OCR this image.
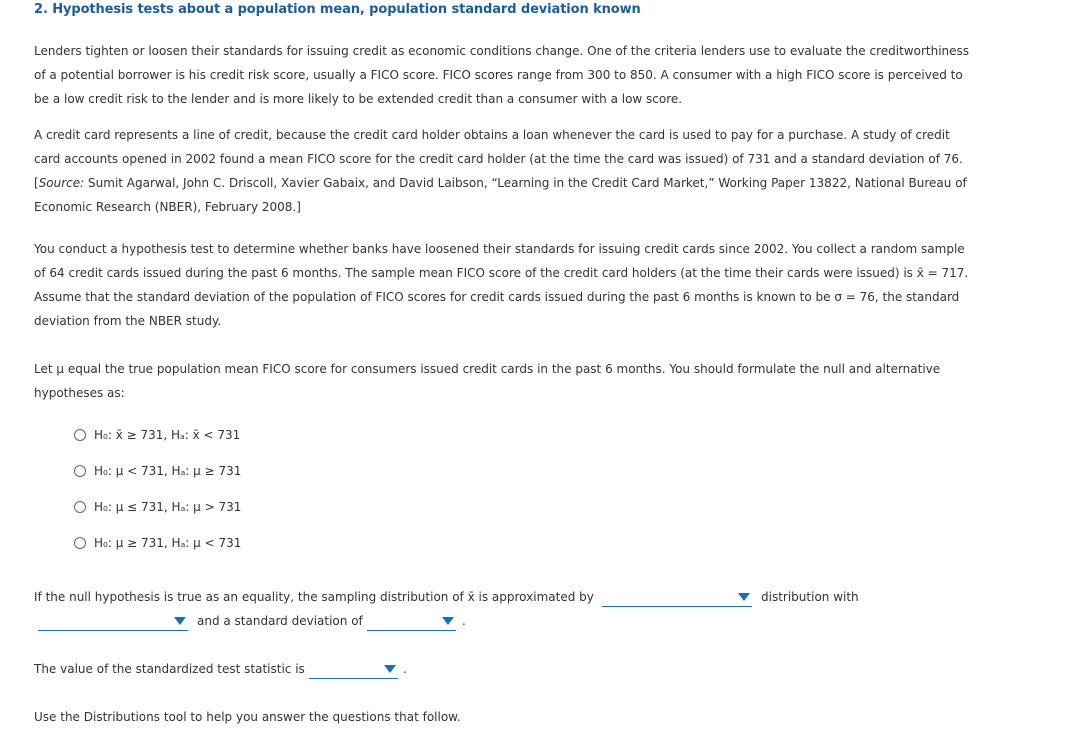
2. Hypothesis tests about a population mean, population standard deviation known
Lenders tighten or loosen their standards for issuing credit as economic conditions change. One of the criteria lenders use to evaluate the creditworthiness of a potential borrower is his credit risk score, usually a FICO score. FICO scores range from 300 to 850. A consumer with a high FICO score is perceived to be a low credit risk to the lender and is more likely to be extended credit than a consumer with a low score.
A credit card represents a line of credit, because the credit card holder obtains a loan whenever the card is used to pay for a purchase. A study of credit card accounts opened in 2002 found a mean FICO score for the credit card holder (at the time the card was issued) of 731 and a standard deviation of 76. [Source: Sumit Agarwal, John C. Driscoll, Xavier Gabaix, and David Laibson, “Learning in the Credit Card Market,” Working Paper 13822, National Bureau of Economic Research (NBER), February 2008.]
You conduct a hypothesis test to determine whether banks have loosened their standards for issuing credit cards since 2002. You collect a random sample of 64 credit cards issued during the past 6 months. The sample mean FICO score of the credit card holders (at the time their cards were issued) is x̄ = 717. Assume that the standard deviation of the population of FICO scores for credit cards issued during the past 6 months is known to be σ = 76, the standard deviation from the NBER study.
Let μ equal the true population mean FICO score for consumers issued credit cards in the past 6 months. You should formulate the null and alternative hypotheses as:
H₀: x̄ ≥ 731, Hₐ: x̄ < 731
H₀: μ < 731, Hₐ: μ ≥ 731
H₀: μ ≤ 731, Hₐ: μ > 731
H₀: μ ≥ 731, Hₐ: μ < 731
If the null hypothesis is true as an equality, the sampling distribution of x̄ is approximated by	distribution with
and a standard deviation of	.
The value of the standardized test statistic is	.
Use the Distributions tool to help you answer the questions that follow.
